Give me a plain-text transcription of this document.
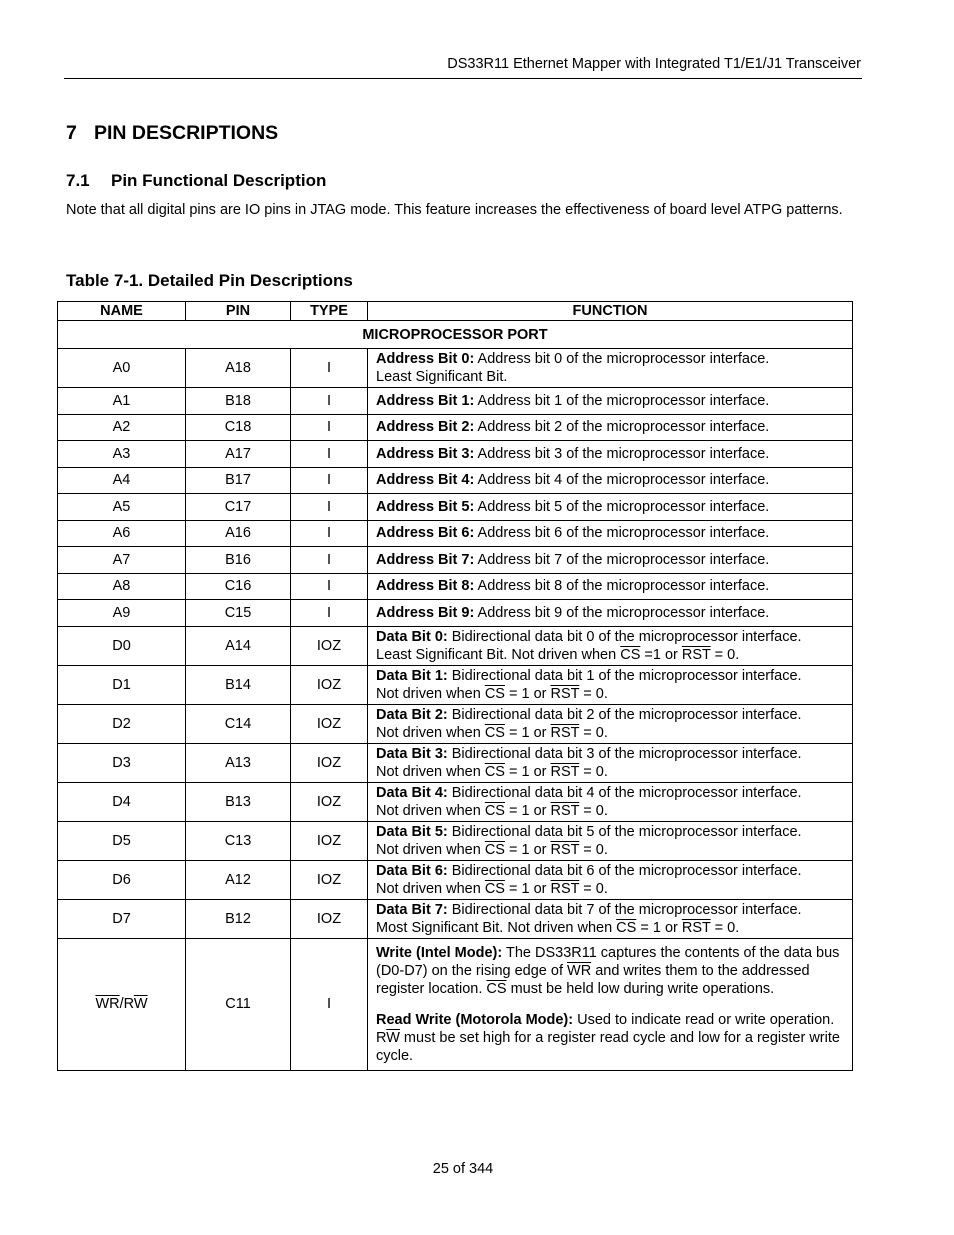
DS33R11 Ethernet Mapper with Integrated T1/E1/J1 Transceiver
7 PIN DESCRIPTIONS
7.1 Pin Functional Description
Note that all digital pins are IO pins in JTAG mode. This feature increases the effectiveness of board level ATPG patterns.
Table 7-1. Detailed Pin Descriptions
NAME	PIN	TYPE	FUNCTION
MICROPROCESSOR PORT			
A0	A18	I	Address Bit 0: Address bit 0 of the microprocessor interface.
Least Significant Bit.
A1	B18	I	Address Bit 1: Address bit 1 of the microprocessor interface.
A2	C18	I	Address Bit 2: Address bit 2 of the microprocessor interface.
A3	A17	I	Address Bit 3: Address bit 3 of the microprocessor interface.
A4	B17	I	Address Bit 4: Address bit 4 of the microprocessor interface.
A5	C17	I	Address Bit 5: Address bit 5 of the microprocessor interface.
A6	A16	I	Address Bit 6: Address bit 6 of the microprocessor interface.
A7	B16	I	Address Bit 7: Address bit 7 of the microprocessor interface.
A8	C16	I	Address Bit 8: Address bit 8 of the microprocessor interface.
A9	C15	I	Address Bit 9: Address bit 9 of the microprocessor interface.
D0	A14	IOZ	Data Bit 0: Bidirectional data bit 0 of the microprocessor interface.
Least Significant Bit. Not driven when $\overline{CS} =1$ or $\overline{RST} = 0$.
D1	B14	IOZ	Data Bit 1: Bidirectional data bit 1 of the microprocessor interface.
Not driven when $\overline{CS} = 1$ or $\overline{RST} = 0$.
D2	C14	IOZ	Data Bit 2: Bidirectional data bit 2 of the microprocessor interface.
Not driven when $\overline{CS} = 1$ or $\overline{RST} = 0$.
D3	A13	IOZ	Data Bit 3: Bidirectional data bit 3 of the microprocessor interface.
Not driven when $\overline{CS} = 1$ or $\overline{RST} = 0$.
D4	B13	IOZ	Data Bit 4: Bidirectional data bit 4 of the microprocessor interface.
Not driven when $\overline{CS} = 1$ or $\overline{RST} = 0$.
D5	C13	IOZ	Data Bit 5: Bidirectional data bit 5 of the microprocessor interface.
Not driven when $\overline{CS} = 1$ or $\overline{RST} = 0$.
D6	A12	IOZ	Data Bit 6: Bidirectional data bit 6 of the microprocessor interface.
Not driven when $\overline{CS} = 1$ or $\overline{RST} = 0$.
D7	B12	IOZ	Data Bit 7: Bidirectional data bit 7 of the microprocessor interface.
Most Significant Bit. Not driven when $\overline{CS} = 1$ or $\overline{RST} = 0$.
$\overline{WR}/R\overline{W}$	C11	I	Write (Intel Mode): The DS33R11 captures the contents of the data bus (D0-D7) on the rising edge of $\overline{WR}$ and writes them to the addressed register location. $\overline{CS}$ must be held low during write operations.

Read Write (Motorola Mode): Used to indicate read or write operation. $R\overline{W}$ must be set high for a register read cycle and low for a register write cycle.

25 of 344
